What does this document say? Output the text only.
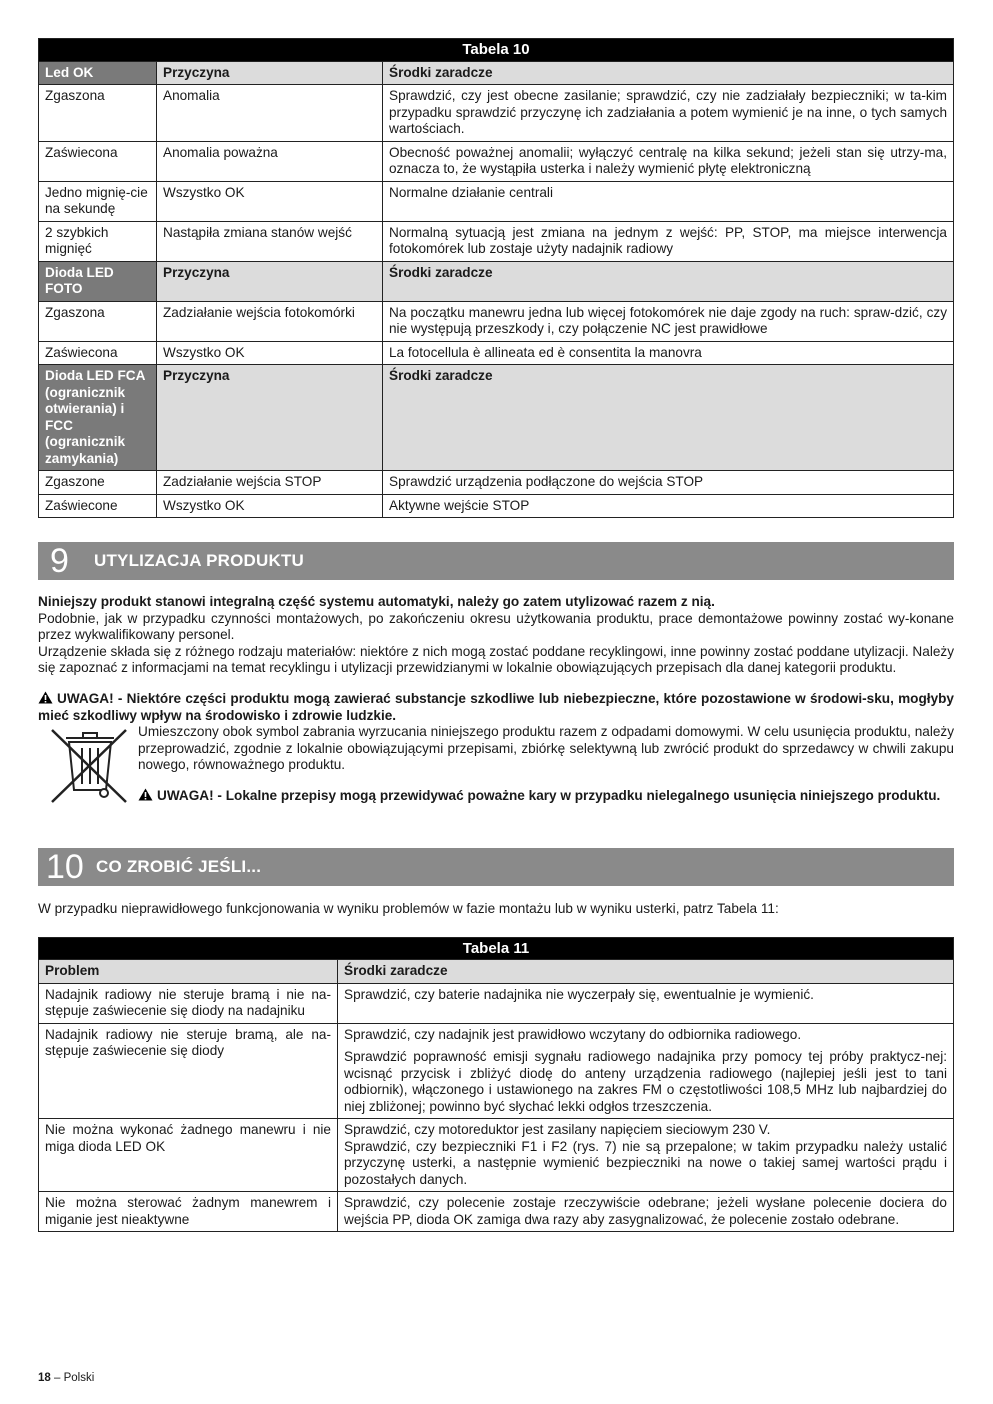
Tabela 10		
Led OK	Przyczyna	Środki zaradcze
Zgaszona	Anomalia	Sprawdzić, czy jest obecne zasilanie; sprawdzić, czy nie zadziałały bezpieczniki; w ta-kim przypadku sprawdzić przyczynę ich zadziałania a potem wymienić je na inne, o tych samych wartościach.
Zaświecona	Anomalia poważna	Obecność poważnej anomalii; wyłączyć centralę na kilka sekund; jeżeli stan się utrzy-ma, oznacza to, że wystąpiła usterka i należy wymienić płytę elektroniczną
Jedno mignię-cie na sekundę	Wszystko OK	Normalne działanie centrali
2 szybkich mignięć	Nastąpiła zmiana stanów wejść	Normalną sytuacją jest zmiana na jednym z wejść: PP, STOP, ma miejsce interwencja fotokomórek lub zostaje użyty nadajnik radiowy
Dioda LED FOTO	Przyczyna	Środki zaradcze
Zgaszona	Zadziałanie wejścia fotokomórki	Na początku manewru jedna lub więcej fotokomórek nie daje zgody na ruch: spraw-dzić, czy nie występują przeszkody i, czy połączenie NC jest prawidłowe
Zaświecona	Wszystko OK	La fotocellula è allineata ed è consentita la manovra
Dioda LED FCA (ogranicznik otwierania) i FCC (ogranicznik zamykania)	Przyczyna	Środki zaradcze
Zgaszone	Zadziałanie wejścia STOP	Sprawdzić urządzenia podłączone do wejścia STOP
Zaświecone	Wszystko OK	Aktywne wejście STOP
9	UTYLIZACJA PRODUKTU

Niniejszy produkt stanowi integralną część systemu automatyki, należy go zatem utylizować razem z nią.

Podobnie, jak w przypadku czynności montażowych, po zakończeniu okresu użytkowania produktu, prace demontażowe powinny zostać wy-konane przez wykwalifikowany personel.

Urządzenie składa się z różnego rodzaju materiałów: niektóre z nich mogą zostać poddane recyklingowi, inne powinny zostać poddane utylizacji. Należy się zapoznać z informacjami na temat recyklingu i utylizacji przewidzianymi w lokalnie obowiązujących przepisach dla danej kategorii produktu.

UWAGA! - Niektóre części produktu mogą zawierać substancje szkodliwe lub niebezpieczne, które pozostawione w środowi-sku, mogłyby mieć szkodliwy wpływ na środowisko i zdrowie ludzkie.

Umieszczony obok symbol zabrania wyrzucania niniejszego produktu razem z odpadami domowymi. W celu usunięcia produktu, należy przeprowadzić, zgodnie z lokalnie obowiązującymi przepisami, zbiórkę selektywną lub zwrócić produkt do sprzedawcy w chwili zakupu nowego, równoważnego produktu.

UWAGA! - Lokalne przepisy mogą przewidywać poważne kary w przypadku nielegalnego usunięcia niniejszego produktu.

10 CO ZROBIĆ JEŚLI...
W przypadku nieprawidłowego funkcjonowania w wyniku problemów w fazie montażu lub w wyniku usterki, patrz Tabela 11:
Tabela 11	
Problem	Środki zaradcze
Nadajnik radiowy nie steruje bramą i nie na-stępuje zaświecenie się diody na nadajniku	Sprawdzić, czy baterie nadajnika nie wyczerpały się, ewentualnie je wymienić.
Nadajnik radiowy nie steruje bramą, ale na-stępuje zaświecenie się diody	Sprawdzić, czy nadajnik jest prawidłowo wczytany do odbiornika radiowego.

Sprawdzić poprawność emisji sygnału radiowego nadajnika przy pomocy tej próby praktycz-nej: wcisnąć przycisk i zbliżyć diodę do anteny urządzenia radiowego (najlepiej jeśli jest to tani odbiornik), włączonego i ustawionego na zakres FM o częstotliwości 108,5 MHz lub najbardziej do niej zbliżonej; powinno być słychać lekki odgłos trzeszczenia.

Nie można wykonać żadnego manewru i nie miga dioda LED OK	Sprawdzić, czy motoreduktor jest zasilany napięciem sieciowym 230 V.

Sprawdzić, czy bezpieczniki F1 i F2 (rys. 7) nie są przepalone; w takim przypadku należy ustalić przyczynę usterki, a następnie wymienić bezpieczniki na nowe o takiej samej wartości prądu i pozostałych danych.

Nie można sterować żadnym manewrem i miganie jest nieaktywne	Sprawdzić, czy polecenie zostaje rzeczywiście odebrane; jeżeli wysłane polecenie dociera do wejścia PP, dioda OK zamiga dwa razy aby zasygnalizować, że polecenie zostało odebrane.
18 – Polski
